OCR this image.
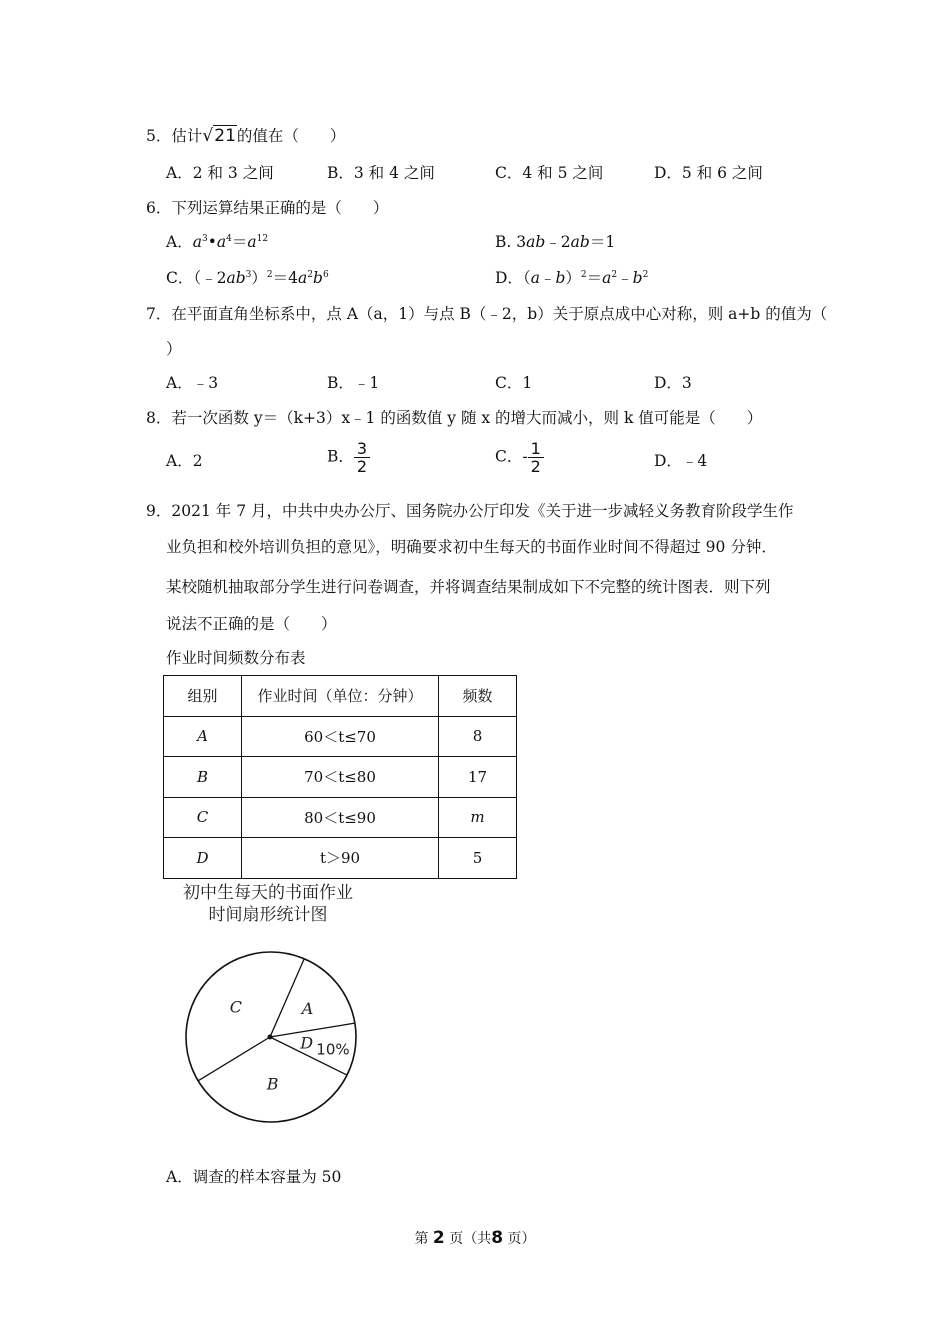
5．估计√21的值在（　　）
A．2 和 3 之间	B．3 和 4 之间	C．4 和 5 之间	D．5 和 6 之间
6．下列运算结果正确的是（　　）
A．$a^3•a^4=a^{12}$	B. 3ab﹣2ab＝1
C．$(﹣2ab^3)^2=4a^2b^6$	D．$(a﹣b)^2=a^2﹣b^2$
7．在平面直角坐标系中，点 A（a，1）与点 B（﹣2，b）关于原点成中心对称，则 a+b 的值为（
）
A．﹣3	B．﹣1	C．1	D．3
8．若一次函数 y＝（k+3）x﹣1 的函数值 y 随 x 的增大而减小，则 k 值可能是（　　）
A．2	B． $\frac{3}{2}$	C．- $\frac{1}{2}$	D．﹣4
9．2021 年 7 月，中共中央办公厅、国务院办公厅印发《关于进一步减轻义务教育阶段学生作
业负担和校外培训负担的意见》，明确要求初中生每天的书面作业时间不得超过 90 分钟．
某校随机抽取部分学生进行问卷调查，并将调查结果制成如下不完整的统计图表．则下列
说法不正确的是（　　）
作业时间频数分布表
组别	作业时间（单位：分钟）	频数
A	60＜t≤70	8
B	70＜t≤80	17
C	80＜t≤90	m
D	t＞90	5
初中生每天的书面作业
时间扇形统计图
A
D 10%
B
C
A．调查的样本容量为 50
第 2 页（共8 页）
